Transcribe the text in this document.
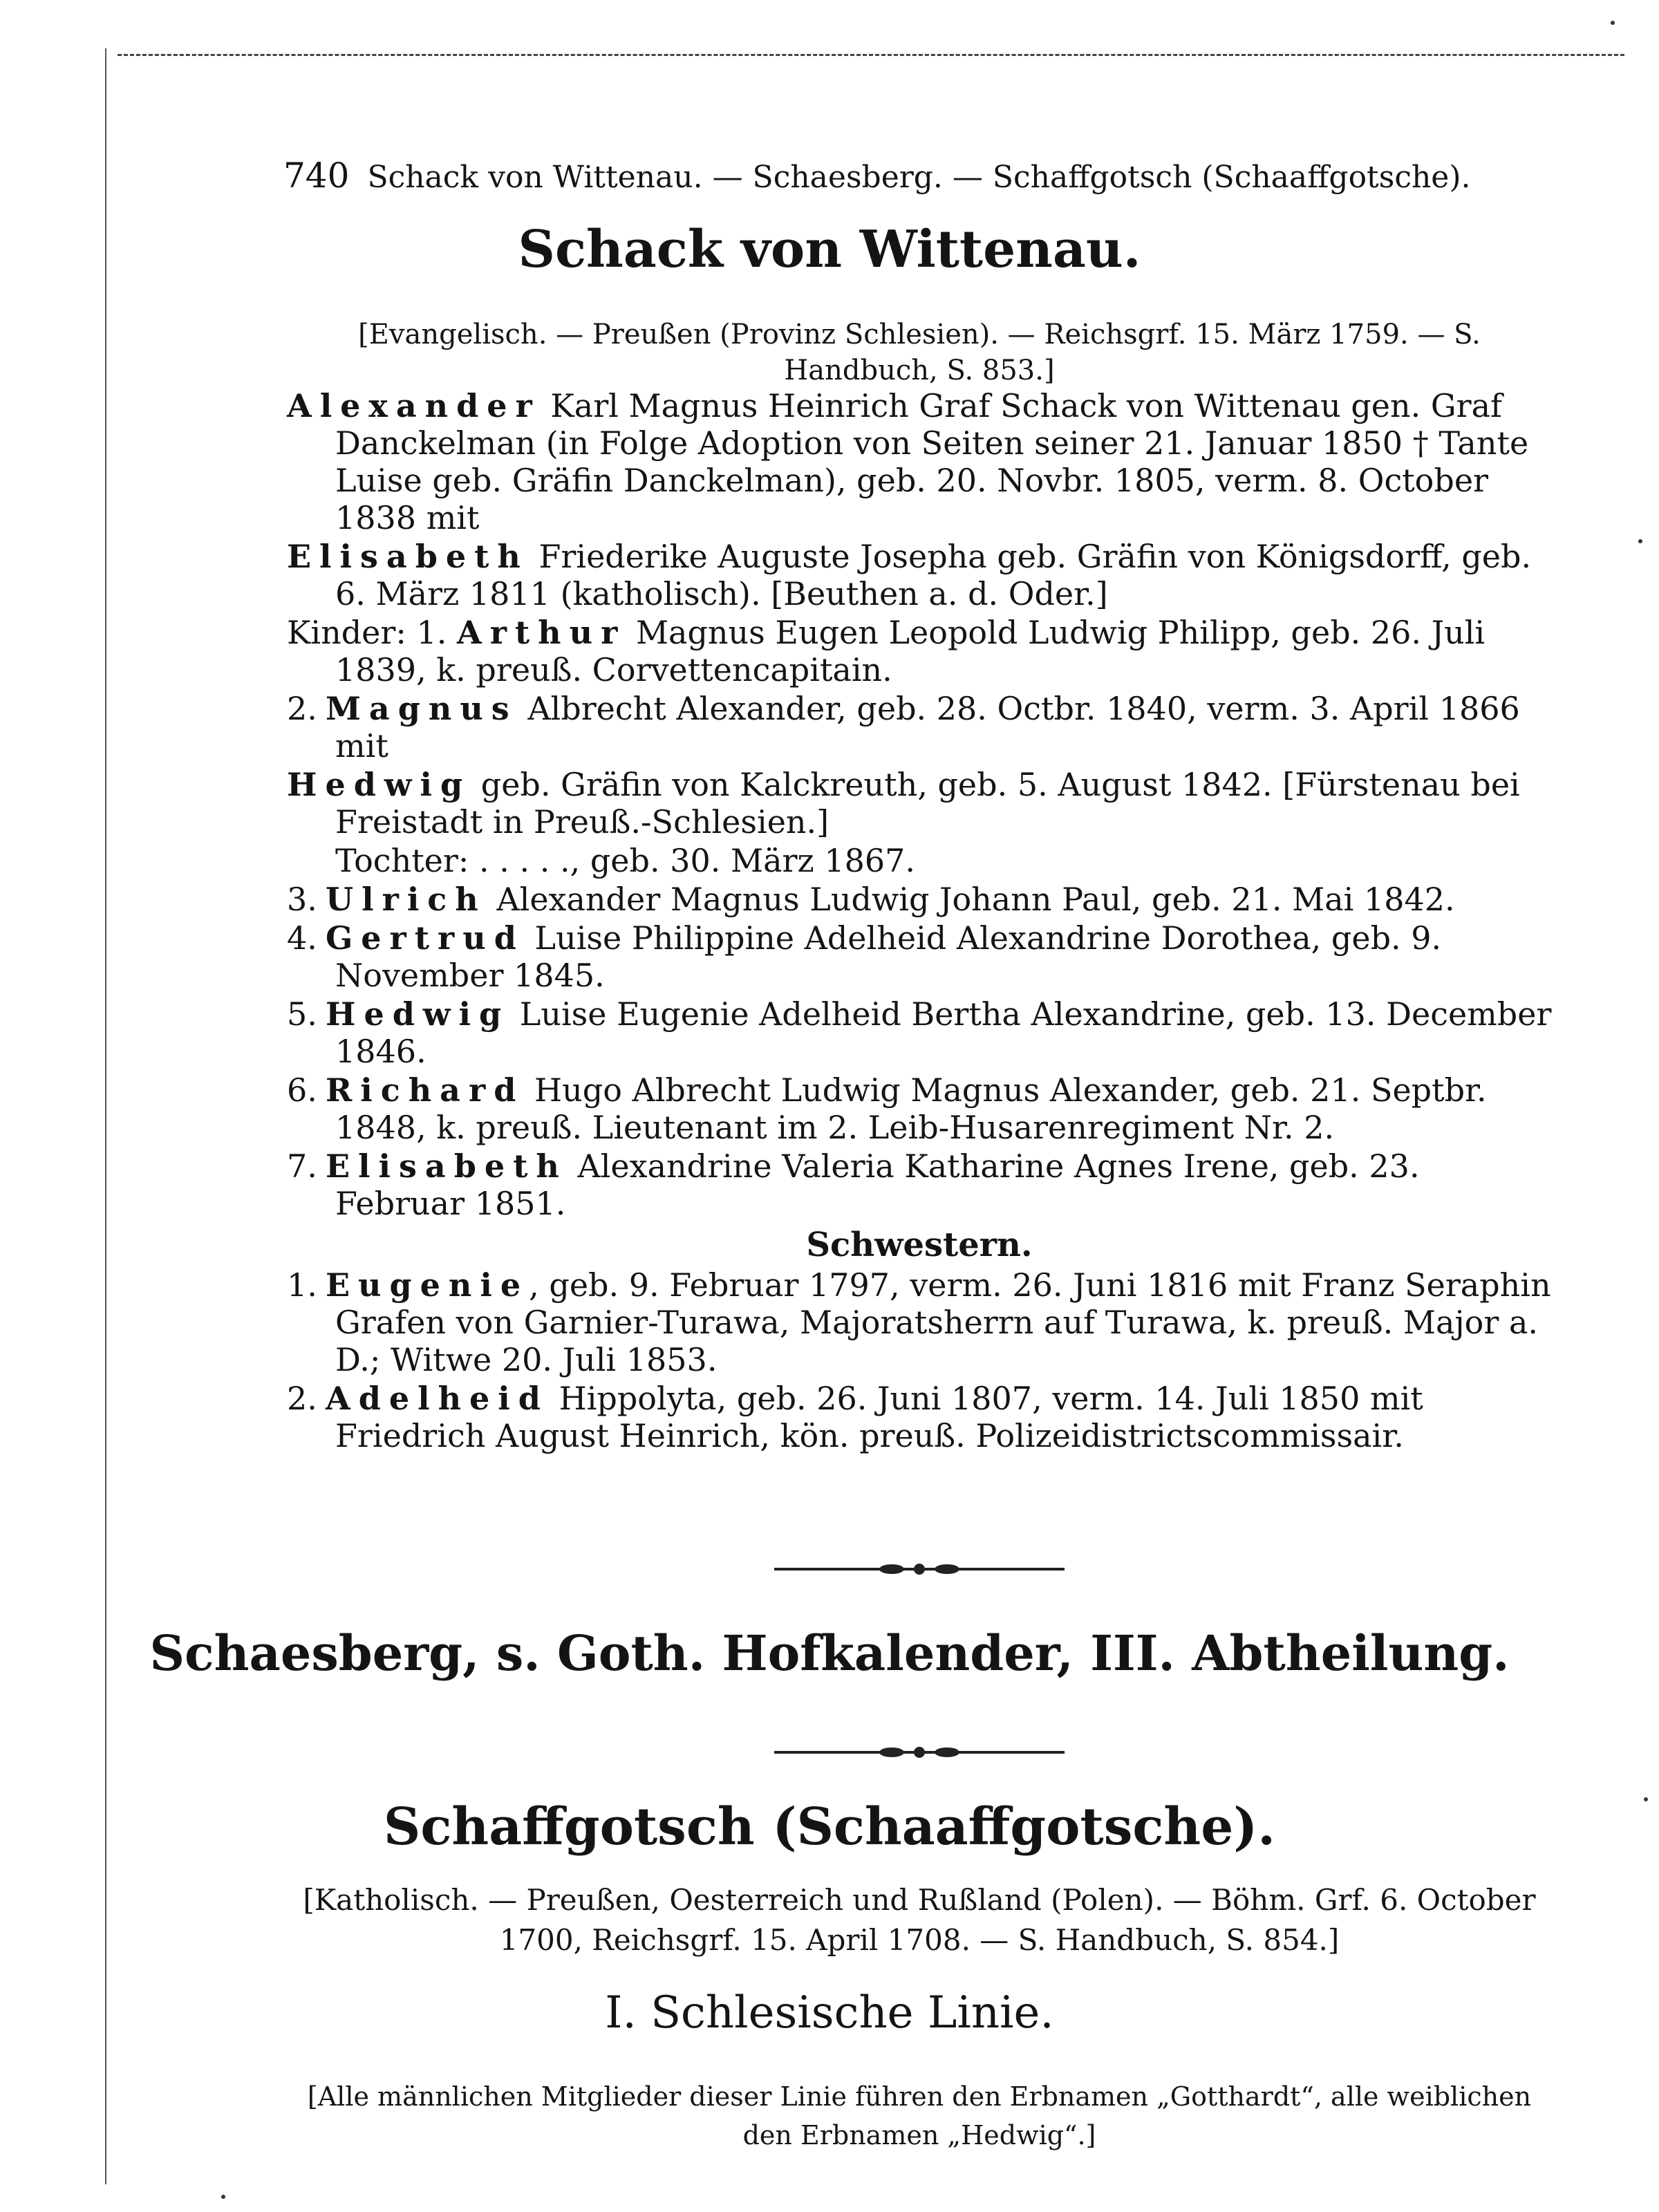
740 Schack von Wittenau. — Schaesberg. — Schaffgotsch (Schaaffgotsche).
Schack von Wittenau.
[Evangelisch. — Preußen (Provinz Schlesien). — Reichsgrf. 15. März 1759. — S. Handbuch, S. 853.]
Alexander Karl Magnus Heinrich Graf Schack von Wittenau gen. Graf Danckelman (in Folge Adoption von Seiten seiner 21. Januar 1850 † Tante Luise geb. Gräfin Danckelman), geb. 20. Novbr. 1805, verm. 8. October 1838 mit
Elisabeth Friederike Auguste Josepha geb. Gräfin von Königsdorff, geb. 6. März 1811 (katholisch). [Beuthen a. d. Oder.]
Kinder: 1. Arthur Magnus Eugen Leopold Ludwig Philipp, geb. 26. Juli 1839, k. preuß. Corvettencapitain.
2. Magnus Albrecht Alexander, geb. 28. Octbr. 1840, verm. 3. April 1866 mit
Hedwig geb. Gräfin von Kalckreuth, geb. 5. August 1842. [Fürstenau bei Freistadt in Preuß.-Schlesien.]
Tochter: . . . . ., geb. 30. März 1867.
3. Ulrich Alexander Magnus Ludwig Johann Paul, geb. 21. Mai 1842.
4. Gertrud Luise Philippine Adelheid Alexandrine Dorothea, geb. 9. November 1845.
5. Hedwig Luise Eugenie Adelheid Bertha Alexandrine, geb. 13. December 1846.
6. Richard Hugo Albrecht Ludwig Magnus Alexander, geb. 21. Septbr. 1848, k. preuß. Lieutenant im 2. Leib-Husarenregiment Nr. 2.
7. Elisabeth Alexandrine Valeria Katharine Agnes Irene, geb. 23. Februar 1851.
Schwestern.
1. Eugenie, geb. 9. Februar 1797, verm. 26. Juni 1816 mit Franz Seraphin Grafen von Garnier-Turawa, Majoratsherrn auf Turawa, k. preuß. Major a. D.; Witwe 20. Juli 1853.
2. Adelheid Hippolyta, geb. 26. Juni 1807, verm. 14. Juli 1850 mit Friedrich August Heinrich, kön. preuß. Polizeidistrictscommissair.
Schaesberg, s. Goth. Hofkalender, III. Abtheilung.
Schaffgotsch (Schaaffgotsche).
[Katholisch. — Preußen, Oesterreich und Rußland (Polen). — Böhm. Grf. 6. October 1700, Reichsgrf. 15. April 1708. — S. Handbuch, S. 854.]
I. Schlesische Linie.
[Alle männlichen Mitglieder dieser Linie führen den Erbnamen „Gotthardt“, alle weiblichen den Erbnamen „Hedwig“.]
